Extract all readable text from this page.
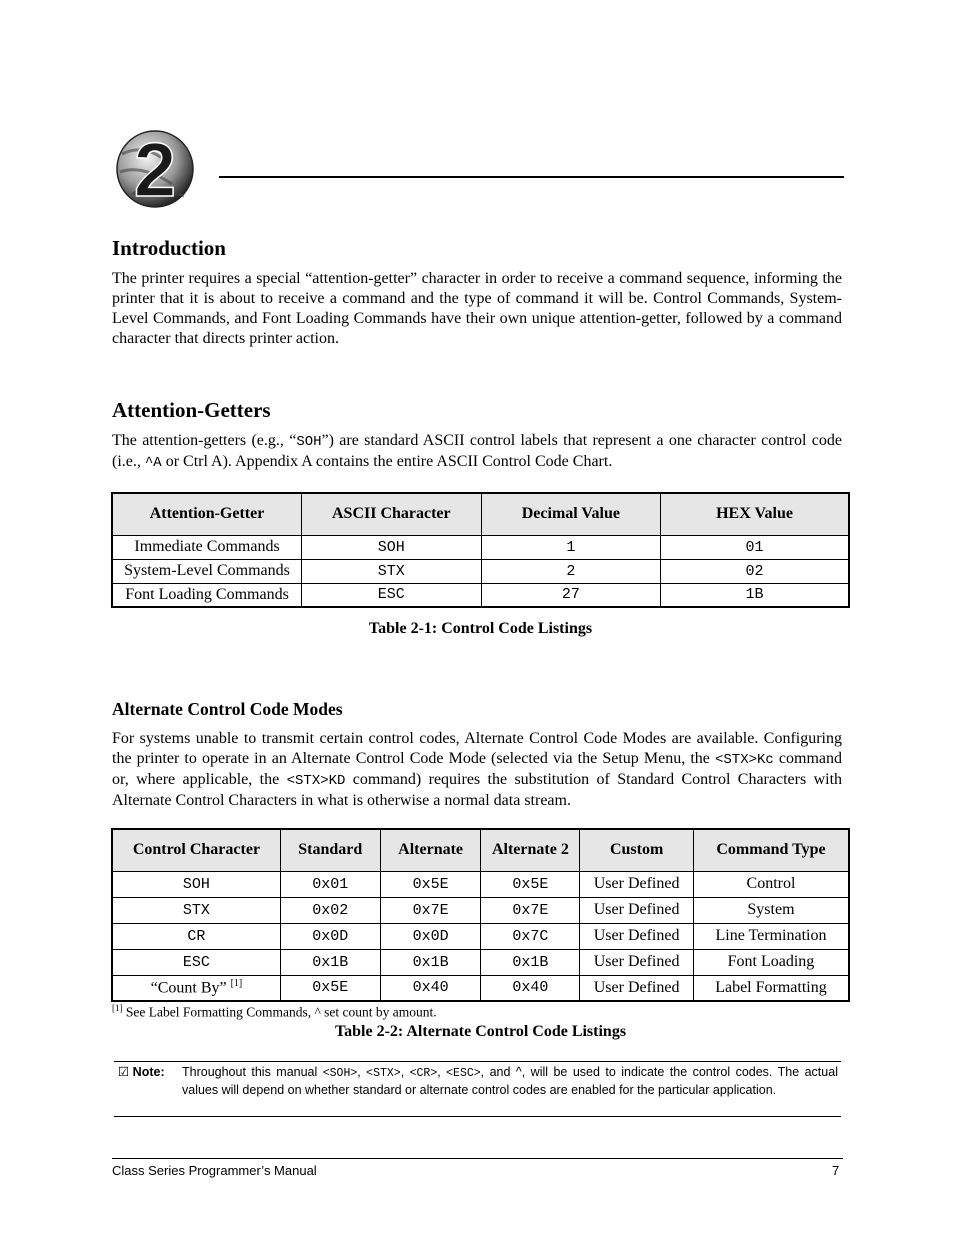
2
Introduction

The printer requires a special “attention-getter” character in order to receive a command sequence, informing the printer that it is about to receive a command and the type of command it will be. Control Commands, System-Level Commands, and Font Loading Commands have their own unique attention-getter, followed by a command character that directs printer action.

Attention-Getters

The attention-getters (e.g., “SOH”) are standard ASCII control labels that represent a one character control code (i.e., ^A or Ctrl A). Appendix A contains the entire ASCII Control Code Chart.

Attention-Getter	ASCII Character	Decimal Value	HEX Value
Immediate Commands	SOH	1	01
System-Level Commands	STX	2	02
Font Loading Commands	ESC	27	1B
Table 2-1: Control Code Listings
Alternate Control Code Modes

For systems unable to transmit certain control codes, Alternate Control Code Modes are available. Configuring the printer to operate in an Alternate Control Code Mode (selected via the Setup Menu, the <STX>Kc command or, where applicable, the <STX>KD command) requires the substitution of Standard Control Characters with Alternate Control Characters in what is otherwise a normal data stream.

Control Character	Standard	Alternate	Alternate 2	Custom	Command Type
SOH	0x01	0x5E	0x5E	User Defined	Control
STX	0x02	0x7E	0x7E	User Defined	System
CR	0x0D	0x0D	0x7C	User Defined	Line Termination
ESC	0x1B	0x1B	0x1B	User Defined	Font Loading
“Count By” [1]	0x5E	0x40	0x40	User Defined	Label Formatting
[1] See Label Formatting Commands, ^ set count by amount.
Table 2-2: Alternate Control Code Listings
☑ Note: Throughout this manual <SOH>, <STX>, <CR>, <ESC>, and ^, will be used to indicate the control codes. The actual values will depend on whether standard or alternate control codes are enabled for the particular application.

Class Series Programmer’s Manual	7
